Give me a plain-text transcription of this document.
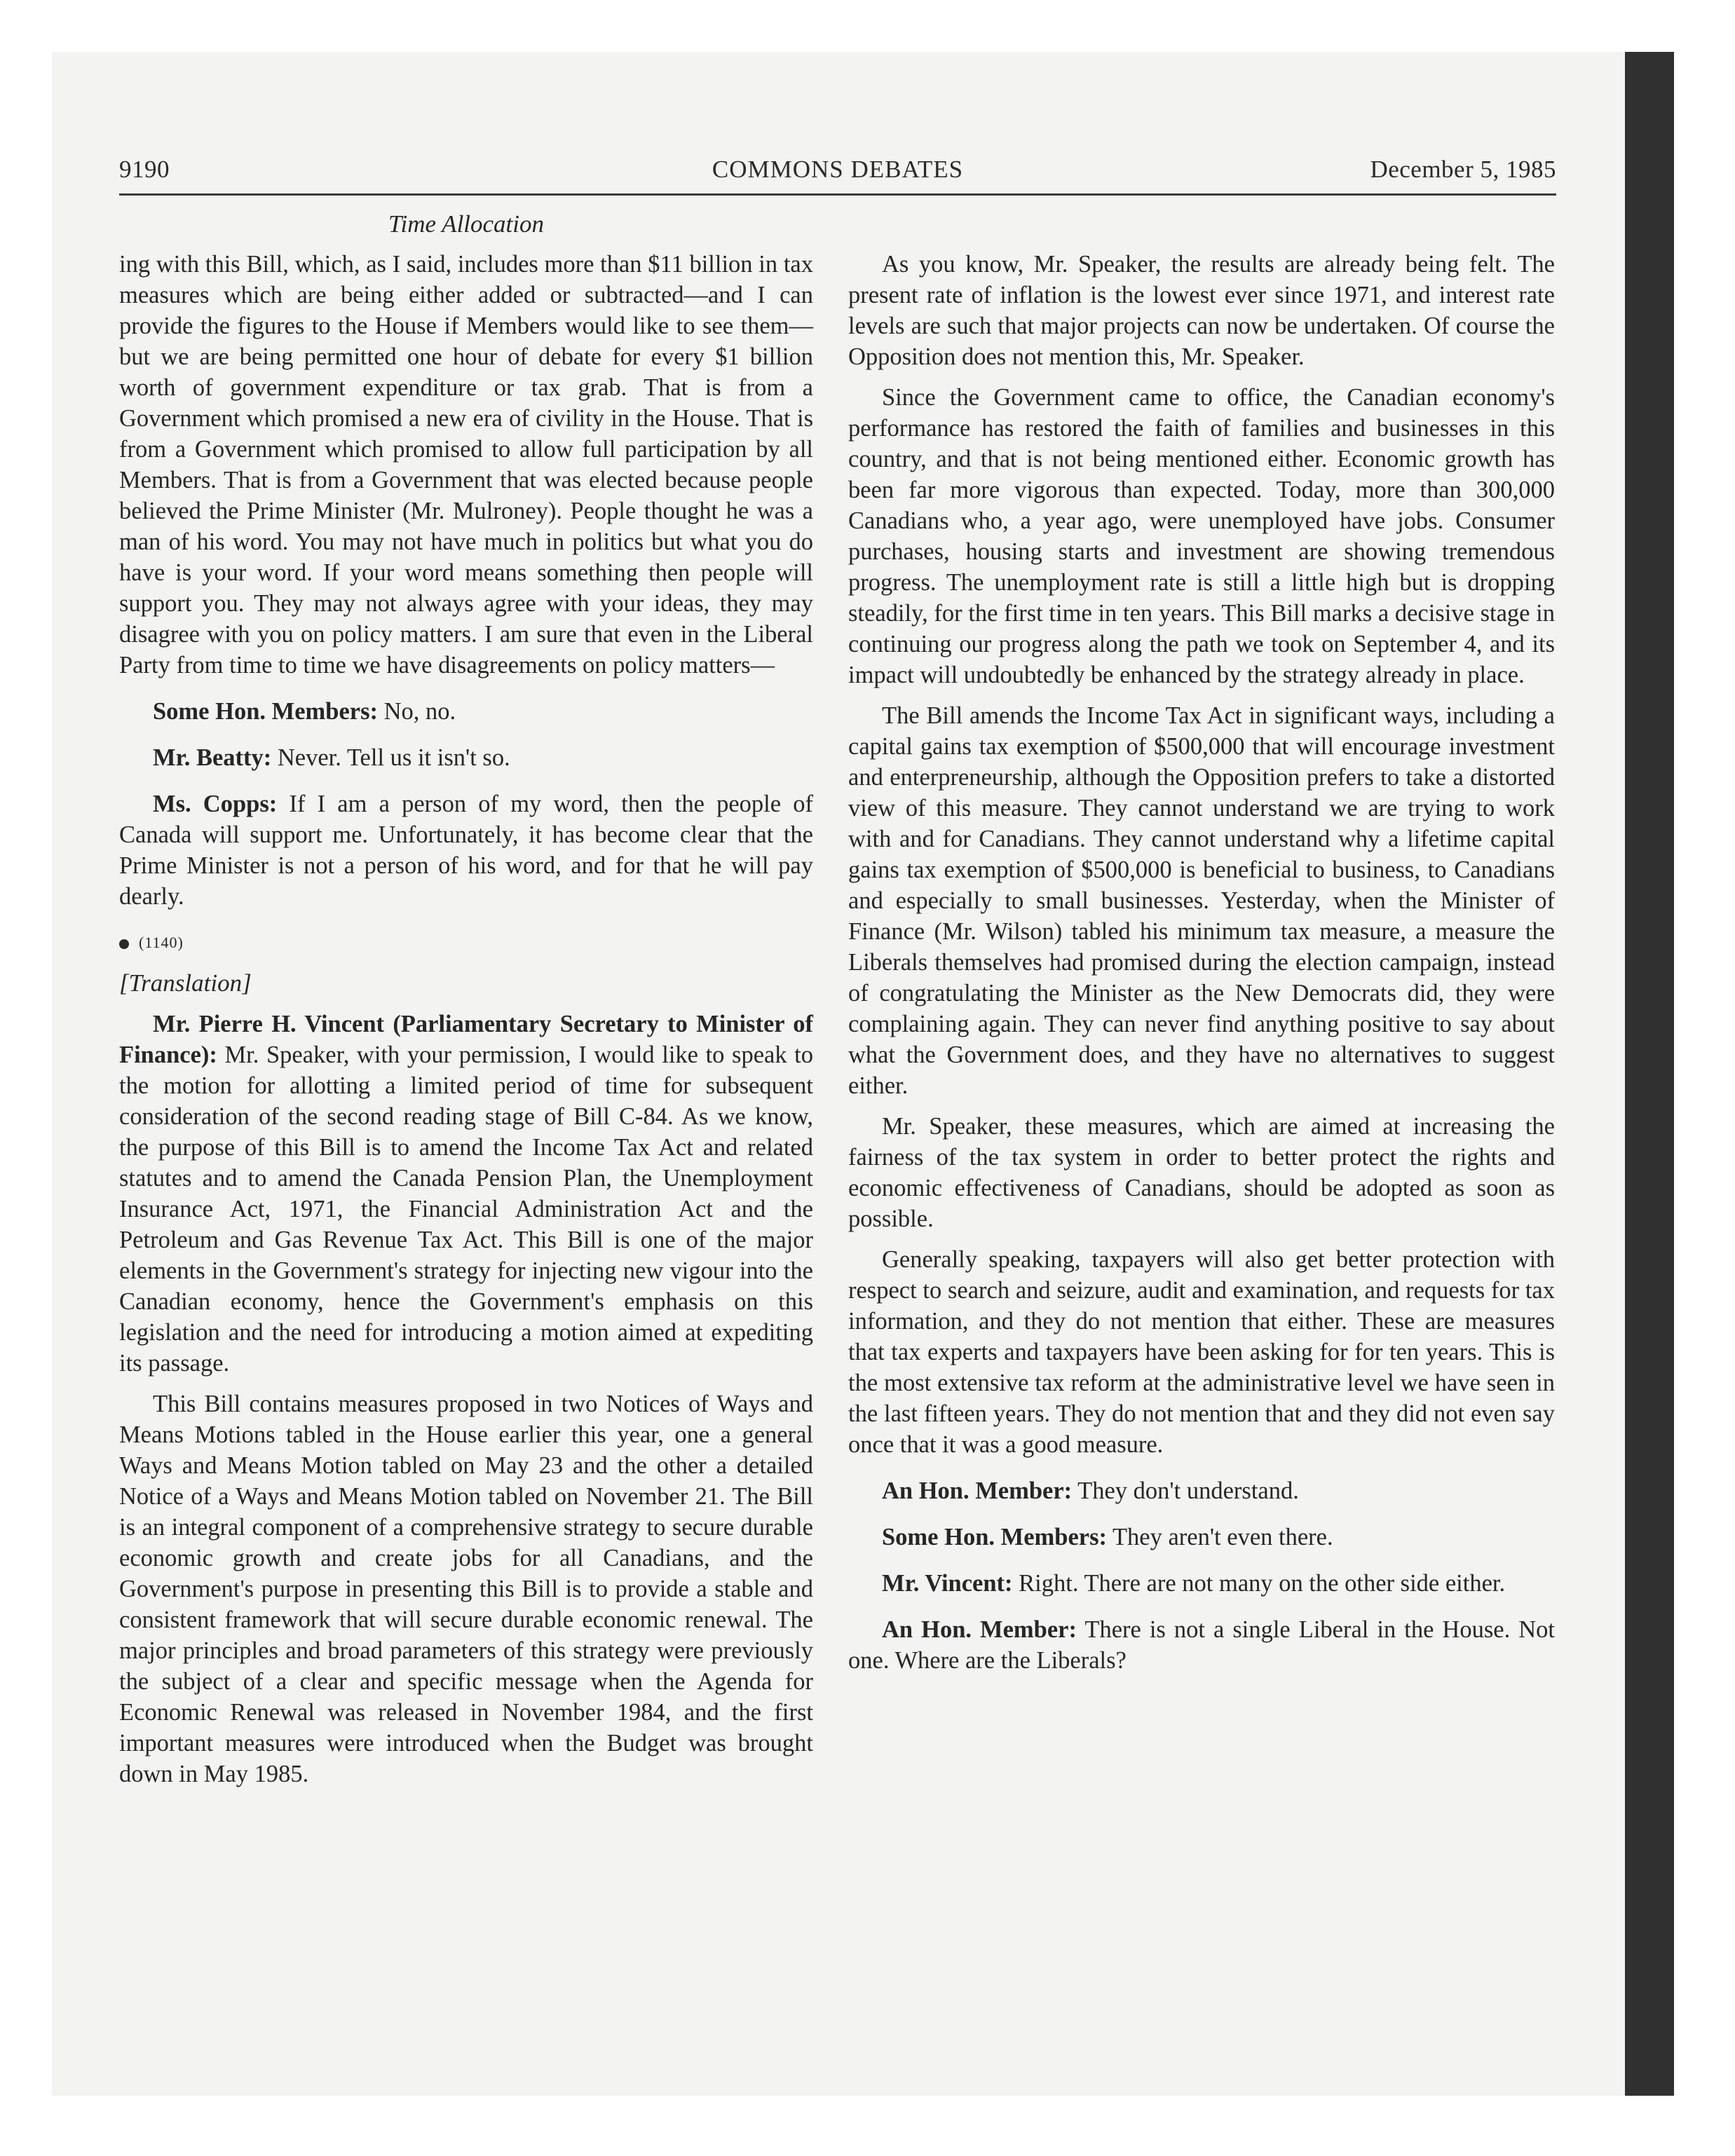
9190	COMMONS DEBATES	December 5, 1985
Time Allocation

ing with this Bill, which, as I said, includes more than $11 billion in tax measures which are being either added or subtracted—and I can provide the figures to the House if Members would like to see them—but we are being permitted one hour of debate for every $1 billion worth of government expenditure or tax grab. That is from a Government which promised a new era of civility in the House. That is from a Government which promised to allow full participation by all Members. That is from a Government that was elected because people believed the Prime Minister (Mr. Mulroney). People thought he was a man of his word. You may not have much in politics but what you do have is your word. If your word means something then people will support you. They may not always agree with your ideas, they may disagree with you on policy matters. I am sure that even in the Liberal Party from time to time we have disagreements on policy matters—

Some Hon. Members: No, no.

Mr. Beatty: Never. Tell us it isn't so.

Ms. Copps: If I am a person of my word, then the people of Canada will support me. Unfortunately, it has become clear that the Prime Minister is not a person of his word, and for that he will pay dearly.

(1140)

[Translation]

Mr. Pierre H. Vincent (Parliamentary Secretary to Minister of Finance): Mr. Speaker, with your permission, I would like to speak to the motion for allotting a limited period of time for subsequent consideration of the second reading stage of Bill C-84. As we know, the purpose of this Bill is to amend the Income Tax Act and related statutes and to amend the Canada Pension Plan, the Unemployment Insurance Act, 1971, the Financial Administration Act and the Petroleum and Gas Revenue Tax Act. This Bill is one of the major elements in the Government's strategy for injecting new vigour into the Canadian economy, hence the Government's emphasis on this legislation and the need for introducing a motion aimed at expediting its passage.

This Bill contains measures proposed in two Notices of Ways and Means Motions tabled in the House earlier this year, one a general Ways and Means Motion tabled on May 23 and the other a detailed Notice of a Ways and Means Motion tabled on November 21. The Bill is an integral component of a comprehensive strategy to secure durable economic growth and create jobs for all Canadians, and the Government's purpose in presenting this Bill is to provide a stable and consistent framework that will secure durable economic renewal. The major principles and broad parameters of this strategy were previously the subject of a clear and specific message when the Agenda for Economic Renewal was released in November 1984, and the first important measures were introduced when the Budget was brought down in May 1985.

As you know, Mr. Speaker, the results are already being felt. The present rate of inflation is the lowest ever since 1971, and interest rate levels are such that major projects can now be undertaken. Of course the Opposition does not mention this, Mr. Speaker.

Since the Government came to office, the Canadian economy's performance has restored the faith of families and businesses in this country, and that is not being mentioned either. Economic growth has been far more vigorous than expected. Today, more than 300,000 Canadians who, a year ago, were unemployed have jobs. Consumer purchases, housing starts and investment are showing tremendous progress. The unemployment rate is still a little high but is dropping steadily, for the first time in ten years. This Bill marks a decisive stage in continuing our progress along the path we took on September 4, and its impact will undoubtedly be enhanced by the strategy already in place.

The Bill amends the Income Tax Act in significant ways, including a capital gains tax exemption of $500,000 that will encourage investment and enterpreneurship, although the Opposition prefers to take a distorted view of this measure. They cannot understand we are trying to work with and for Canadians. They cannot understand why a lifetime capital gains tax exemption of $500,000 is beneficial to business, to Canadians and especially to small businesses. Yesterday, when the Minister of Finance (Mr. Wilson) tabled his minimum tax measure, a measure the Liberals themselves had promised during the election campaign, instead of congratulating the Minister as the New Democrats did, they were complaining again. They can never find anything positive to say about what the Government does, and they have no alternatives to suggest either.

Mr. Speaker, these measures, which are aimed at increasing the fairness of the tax system in order to better protect the rights and economic effectiveness of Canadians, should be adopted as soon as possible.

Generally speaking, taxpayers will also get better protection with respect to search and seizure, audit and examination, and requests for tax information, and they do not mention that either. These are measures that tax experts and taxpayers have been asking for for ten years. This is the most extensive tax reform at the administrative level we have seen in the last fifteen years. They do not mention that and they did not even say once that it was a good measure.

An Hon. Member: They don't understand.

Some Hon. Members: They aren't even there.

Mr. Vincent: Right. There are not many on the other side either.

An Hon. Member: There is not a single Liberal in the House. Not one. Where are the Liberals?
